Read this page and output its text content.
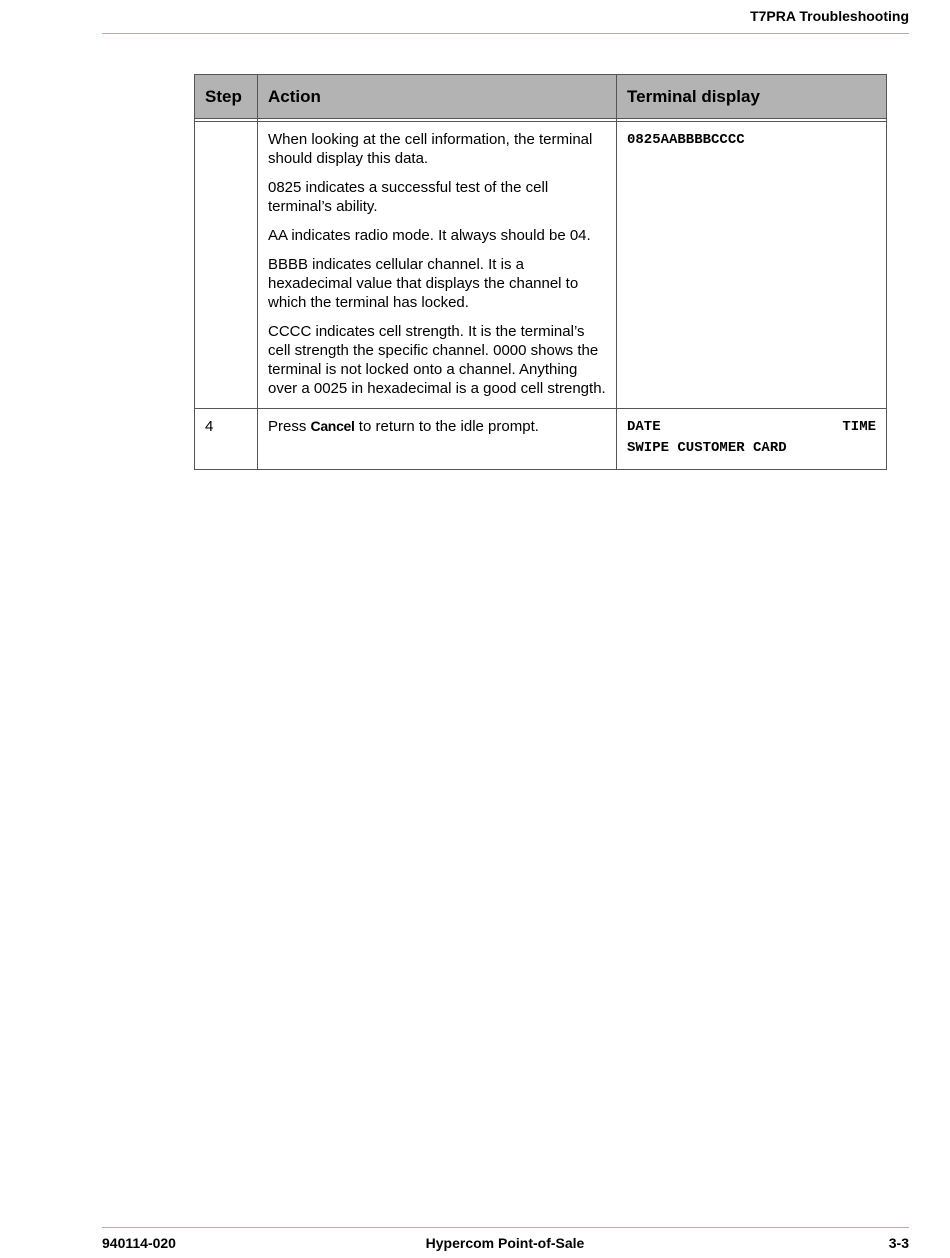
T7PRA Troubleshooting
Step	Action	Terminal display

	When looking at the cell information, the terminal should display this data.

0825 indicates a successful test of the cell terminal’s ability.

AA indicates radio mode. It always should be 04.

BBBB indicates cellular channel. It is a hexadecimal value that displays the channel to which the terminal has locked.

CCCC indicates cell strength. It is the terminal’s cell strength the specific channel. 0000 shows the terminal is not locked onto a channel. Anything over a 0025 in hexadecimal is a good cell strength.	0825AABBBBCCCC
4	Press Cancel to return to the idle prompt.	DATE TIME
SWIPE CUSTOMER CARD
940114-020	Hypercom Point-of-Sale	3-3
